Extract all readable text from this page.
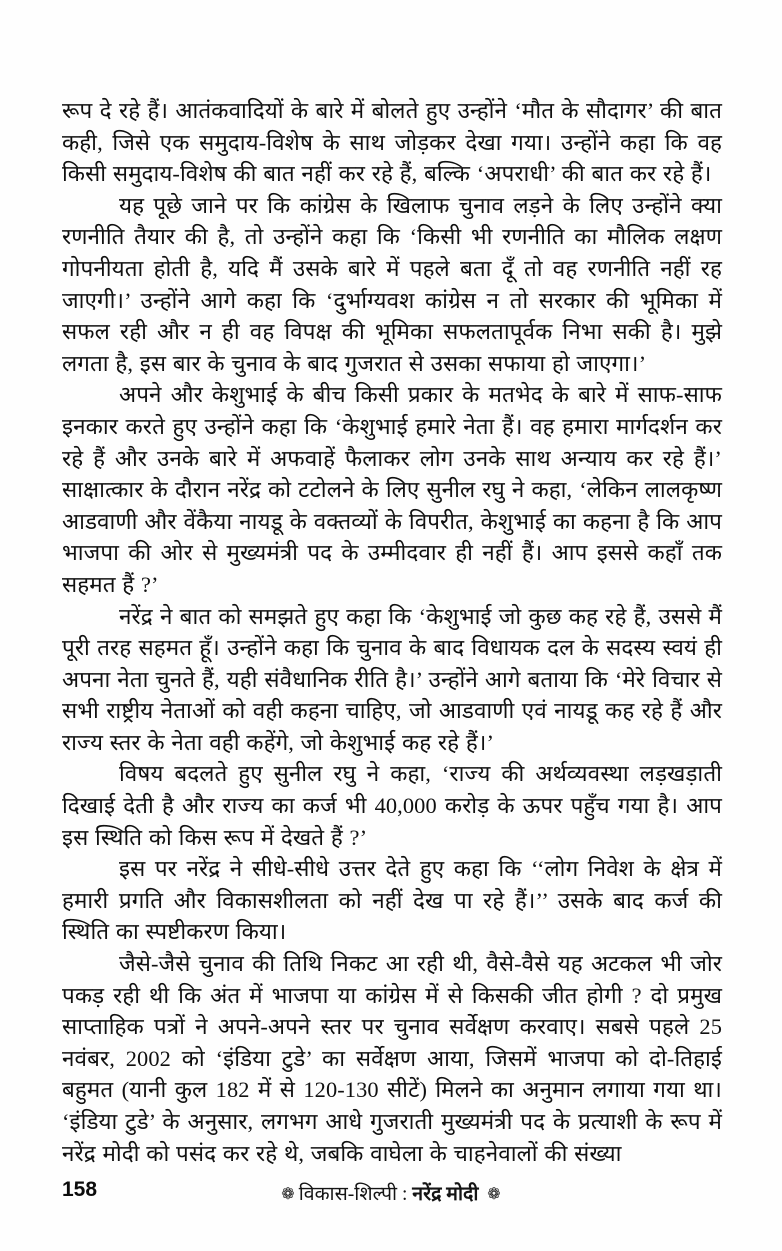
रूप दे रहे हैं। आतंकवादियों के बारे में बोलते हुए उन्होंने ‘मौत के सौदागर’ की बात कही, जिसे एक समुदाय-विशेष के साथ जोड़कर देखा गया। उन्होंने कहा कि वह किसी समुदाय-विशेष की बात नहीं कर रहे हैं, बल्कि ‘अपराधी’ की बात कर रहे हैं।

यह पूछे जाने पर कि कांग्रेस के खिलाफ चुनाव लड़ने के लिए उन्होंने क्या रणनीति तैयार की है, तो उन्होंने कहा कि ‘किसी भी रणनीति का मौलिक लक्षण गोपनीयता होती है, यदि मैं उसके बारे में पहले बता दूँ तो वह रणनीति नहीं रह जाएगी।’ उन्होंने आगे कहा कि ‘दुर्भाग्यवश कांग्रेस न तो सरकार की भूमिका में सफल रही और न ही वह विपक्ष की भूमिका सफलतापूर्वक निभा सकी है। मुझे लगता है, इस बार के चुनाव के बाद गुजरात से उसका सफाया हो जाएगा।’

अपने और केशुभाई के बीच किसी प्रकार के मतभेद के बारे में साफ-साफ इनकार करते हुए उन्होंने कहा कि ‘केशुभाई हमारे नेता हैं। वह हमारा मार्गदर्शन कर रहे हैं और उनके बारे में अफवाहें फैलाकर लोग उनके साथ अन्याय कर रहे हैं।’ साक्षात्कार के दौरान नरेंद्र को टटोलने के लिए सुनील रघु ने कहा, ‘लेकिन लालकृष्ण आडवाणी और वेंकैया नायडू के वक्तव्यों के विपरीत, केशुभाई का कहना है कि आप भाजपा की ओर से मुख्यमंत्री पद के उम्मीदवार ही नहीं हैं। आप इससे कहाँ तक सहमत हैं ?’

नरेंद्र ने बात को समझते हुए कहा कि ‘केशुभाई जो कुछ कह रहे हैं, उससे मैं पूरी तरह सहमत हूँ। उन्होंने कहा कि चुनाव के बाद विधायक दल के सदस्य स्वयं ही अपना नेता चुनते हैं, यही संवैधानिक रीति है।’ उन्होंने आगे बताया कि ‘मेरे विचार से सभी राष्ट्रीय नेताओं को वही कहना चाहिए, जो आडवाणी एवं नायडू कह रहे हैं और राज्य स्तर के नेता वही कहेंगे, जो केशुभाई कह रहे हैं।’

विषय बदलते हुए सुनील रघु ने कहा, ‘राज्य की अर्थव्यवस्था लड़खड़ाती दिखाई देती है और राज्य का कर्ज भी 40,000 करोड़ के ऊपर पहुँच गया है। आप इस स्थिति को किस रूप में देखते हैं ?’

इस पर नरेंद्र ने सीधे-सीधे उत्तर देते हुए कहा कि ‘‘लोग निवेश के क्षेत्र में हमारी प्रगति और विकासशीलता को नहीं देख पा रहे हैं।’’ उसके बाद कर्ज की स्थिति का स्पष्टीकरण किया।

जैसे-जैसे चुनाव की तिथि निकट आ रही थी, वैसे-वैसे यह अटकल भी जोर पकड़ रही थी कि अंत में भाजपा या कांग्रेस में से किसकी जीत होगी ? दो प्रमुख साप्ताहिक पत्रों ने अपने-अपने स्तर पर चुनाव सर्वेक्षण करवाए। सबसे पहले 25 नवंबर, 2002 को ‘इंडिया टुडे’ का सर्वेक्षण आया, जिसमें भाजपा को दो-तिहाई बहुमत (यानी कुल 182 में से 120-130 सीटें) मिलने का अनुमान लगाया गया था। ‘इंडिया टुडे’ के अनुसार, लगभग आधे गुजराती मुख्यमंत्री पद के प्रत्याशी के रूप में नरेंद्र मोदी को पसंद कर रहे थे, जबकि वाघेला के चाहनेवालों की संख्या

158	❁ विकास-शिल्पी : नरेंद्र मोदी ❁
